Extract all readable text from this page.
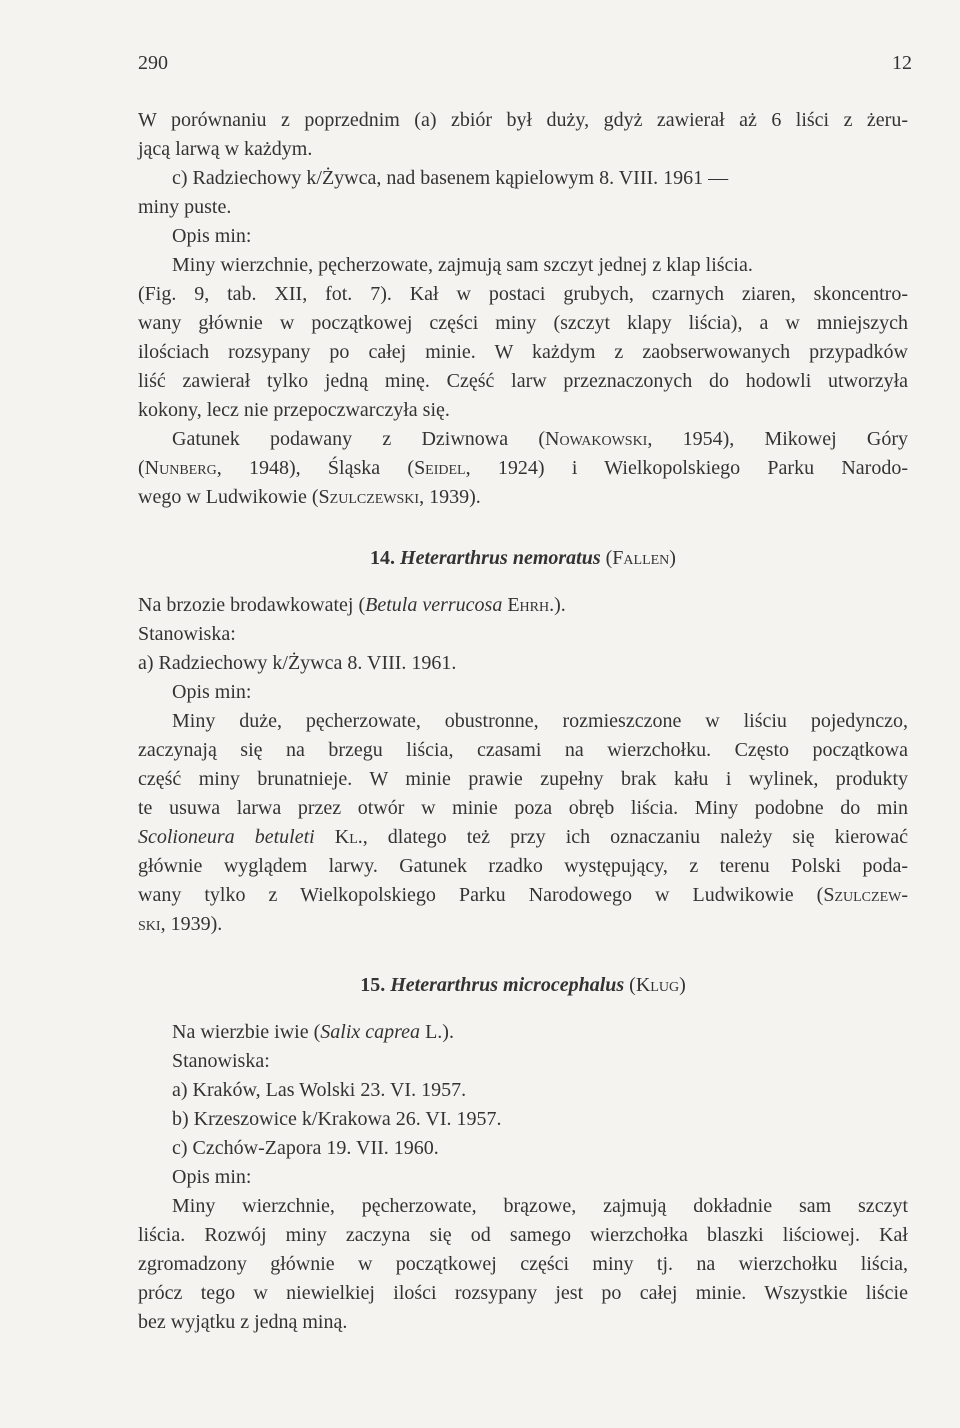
290	12
W porównaniu z poprzednim (a) zbiór był duży, gdyż zawierał aż 6 liści z żeru-
jącą larwą w każdym.
c) Radziechowy k/Żywca, nad basenem kąpielowym 8. VIII. 1961 —
miny puste.
Opis min:
Miny wierzchnie, pęcherzowate, zajmują sam szczyt jednej z klap liścia.
(Fig. 9, tab. XII, fot. 7). Kał w postaci grubych, czarnych ziaren, skoncentro-
wany głównie w początkowej części miny (szczyt klapy liścia), a w mniejszych
ilościach rozsypany po całej minie. W każdym z zaobserwowanych przypadków
liść zawierał tylko jedną minę. Część larw przeznaczonych do hodowli utworzyła
kokony, lecz nie przepoczwarczyła się.
Gatunek podawany z Dziwnowa (Nowakowski, 1954), Mikowej Góry
(Nunberg, 1948), Śląska (Seidel, 1924) i Wielkopolskiego Parku Narodo-
wego w Ludwikowie (Szulczewski, 1939).
14. Heterarthrus nemoratus (Fallen)
Na brzozie brodawkowatej (Betula verrucosa Ehrh.).
Stanowiska:
a) Radziechowy k/Żywca 8. VIII. 1961.
Opis min:
Miny duże, pęcherzowate, obustronne, rozmieszczone w liściu pojedynczo,
zaczynają się na brzegu liścia, czasami na wierzchołku. Często początkowa
część miny brunatnieje. W minie prawie zupełny brak kału i wylinek, produkty
te usuwa larwa przez otwór w minie poza obręb liścia. Miny podobne do min
Scolioneura betuleti Kl., dlatego też przy ich oznaczaniu należy się kierować
głównie wyglądem larwy. Gatunek rzadko występujący, z terenu Polski poda-
wany tylko z Wielkopolskiego Parku Narodowego w Ludwikowie (Szulczew-
ski, 1939).
15. Heterarthrus microcephalus (Klug)
Na wierzbie iwie (Salix caprea L.).
Stanowiska:
a) Kraków, Las Wolski 23. VI. 1957.
b) Krzeszowice k/Krakowa 26. VI. 1957.
c) Czchów-Zapora 19. VII. 1960.
Opis min:
Miny wierzchnie, pęcherzowate, brązowe, zajmują dokładnie sam szczyt
liścia. Rozwój miny zaczyna się od samego wierzchołka blaszki liściowej. Kał
zgromadzony głównie w początkowej części miny tj. na wierzchołku liścia,
prócz tego w niewielkiej ilości rozsypany jest po całej minie. Wszystkie liście
bez wyjątku z jedną miną.
